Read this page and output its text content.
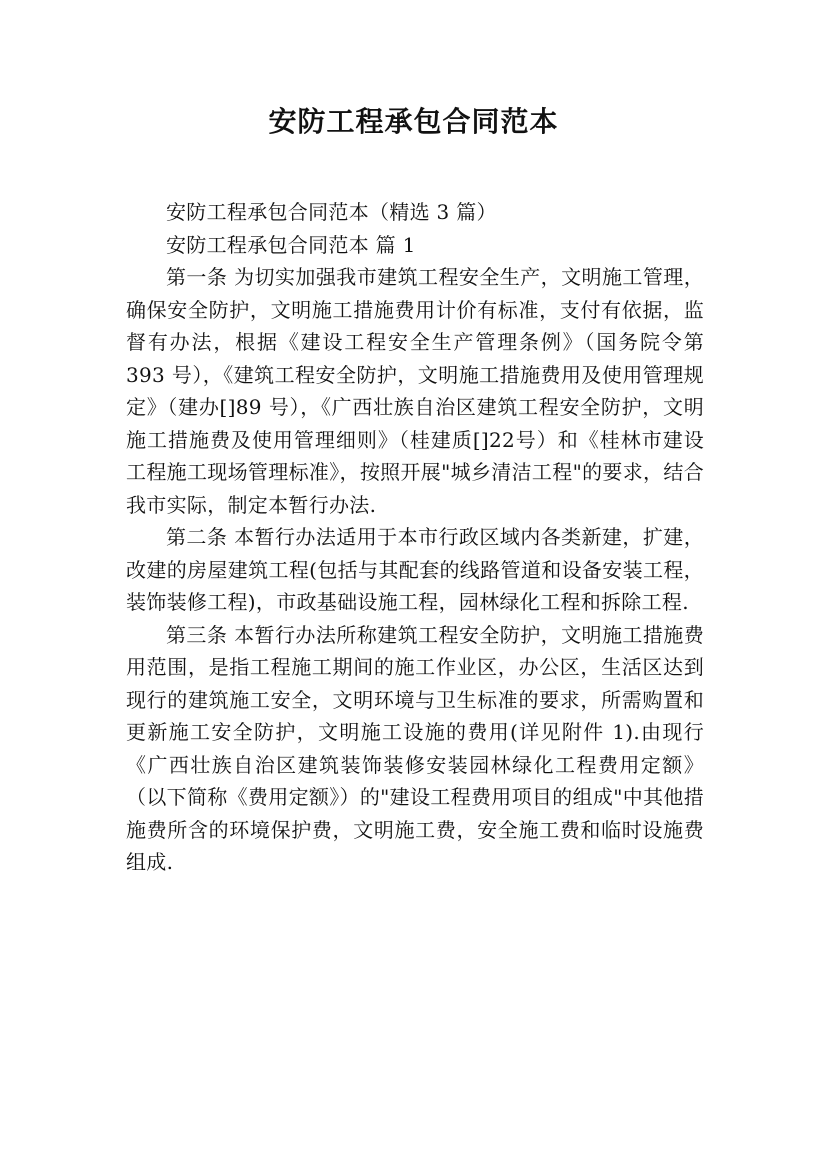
安防工程承包合同范本

安防工程承包合同范本（精选 3 篇）

安防工程承包合同范本 篇 1

第一条 为切实加强我市建筑工程安全生产，文明施工管理，确保安全防护，文明施工措施费用计价有标准，支付有依据，监督有办法，根据《建设工程安全生产管理条例》（国务院令第 393 号），《建筑工程安全防护，文明施工措施费用及使用管理规定》（建办[]89 号），《广西壮族自治区建筑工程安全防护，文明施工措施费及使用管理细则》（桂建质[]22号）和《桂林市建设工程施工现场管理标准》，按照开展"城乡清洁工程"的要求，结合我市实际，制定本暂行办法.

第二条 本暂行办法适用于本市行政区域内各类新建，扩建，改建的房屋建筑工程(包括与其配套的线路管道和设备安装工程，装饰装修工程)，市政基础设施工程，园林绿化工程和拆除工程.

第三条 本暂行办法所称建筑工程安全防护，文明施工措施费用范围，是指工程施工期间的施工作业区，办公区，生活区达到现行的建筑施工安全，文明环境与卫生标准的要求，所需购置和更新施工安全防护，文明施工设施的费用(详见附件 1).由现行《广西壮族自治区建筑装饰装修安装园林绿化工程费用定额》（以下简称《费用定额》）的"建设工程费用项目的组成"中其他措施费所含的环境保护费，文明施工费，安全施工费和临时设施费组成.
